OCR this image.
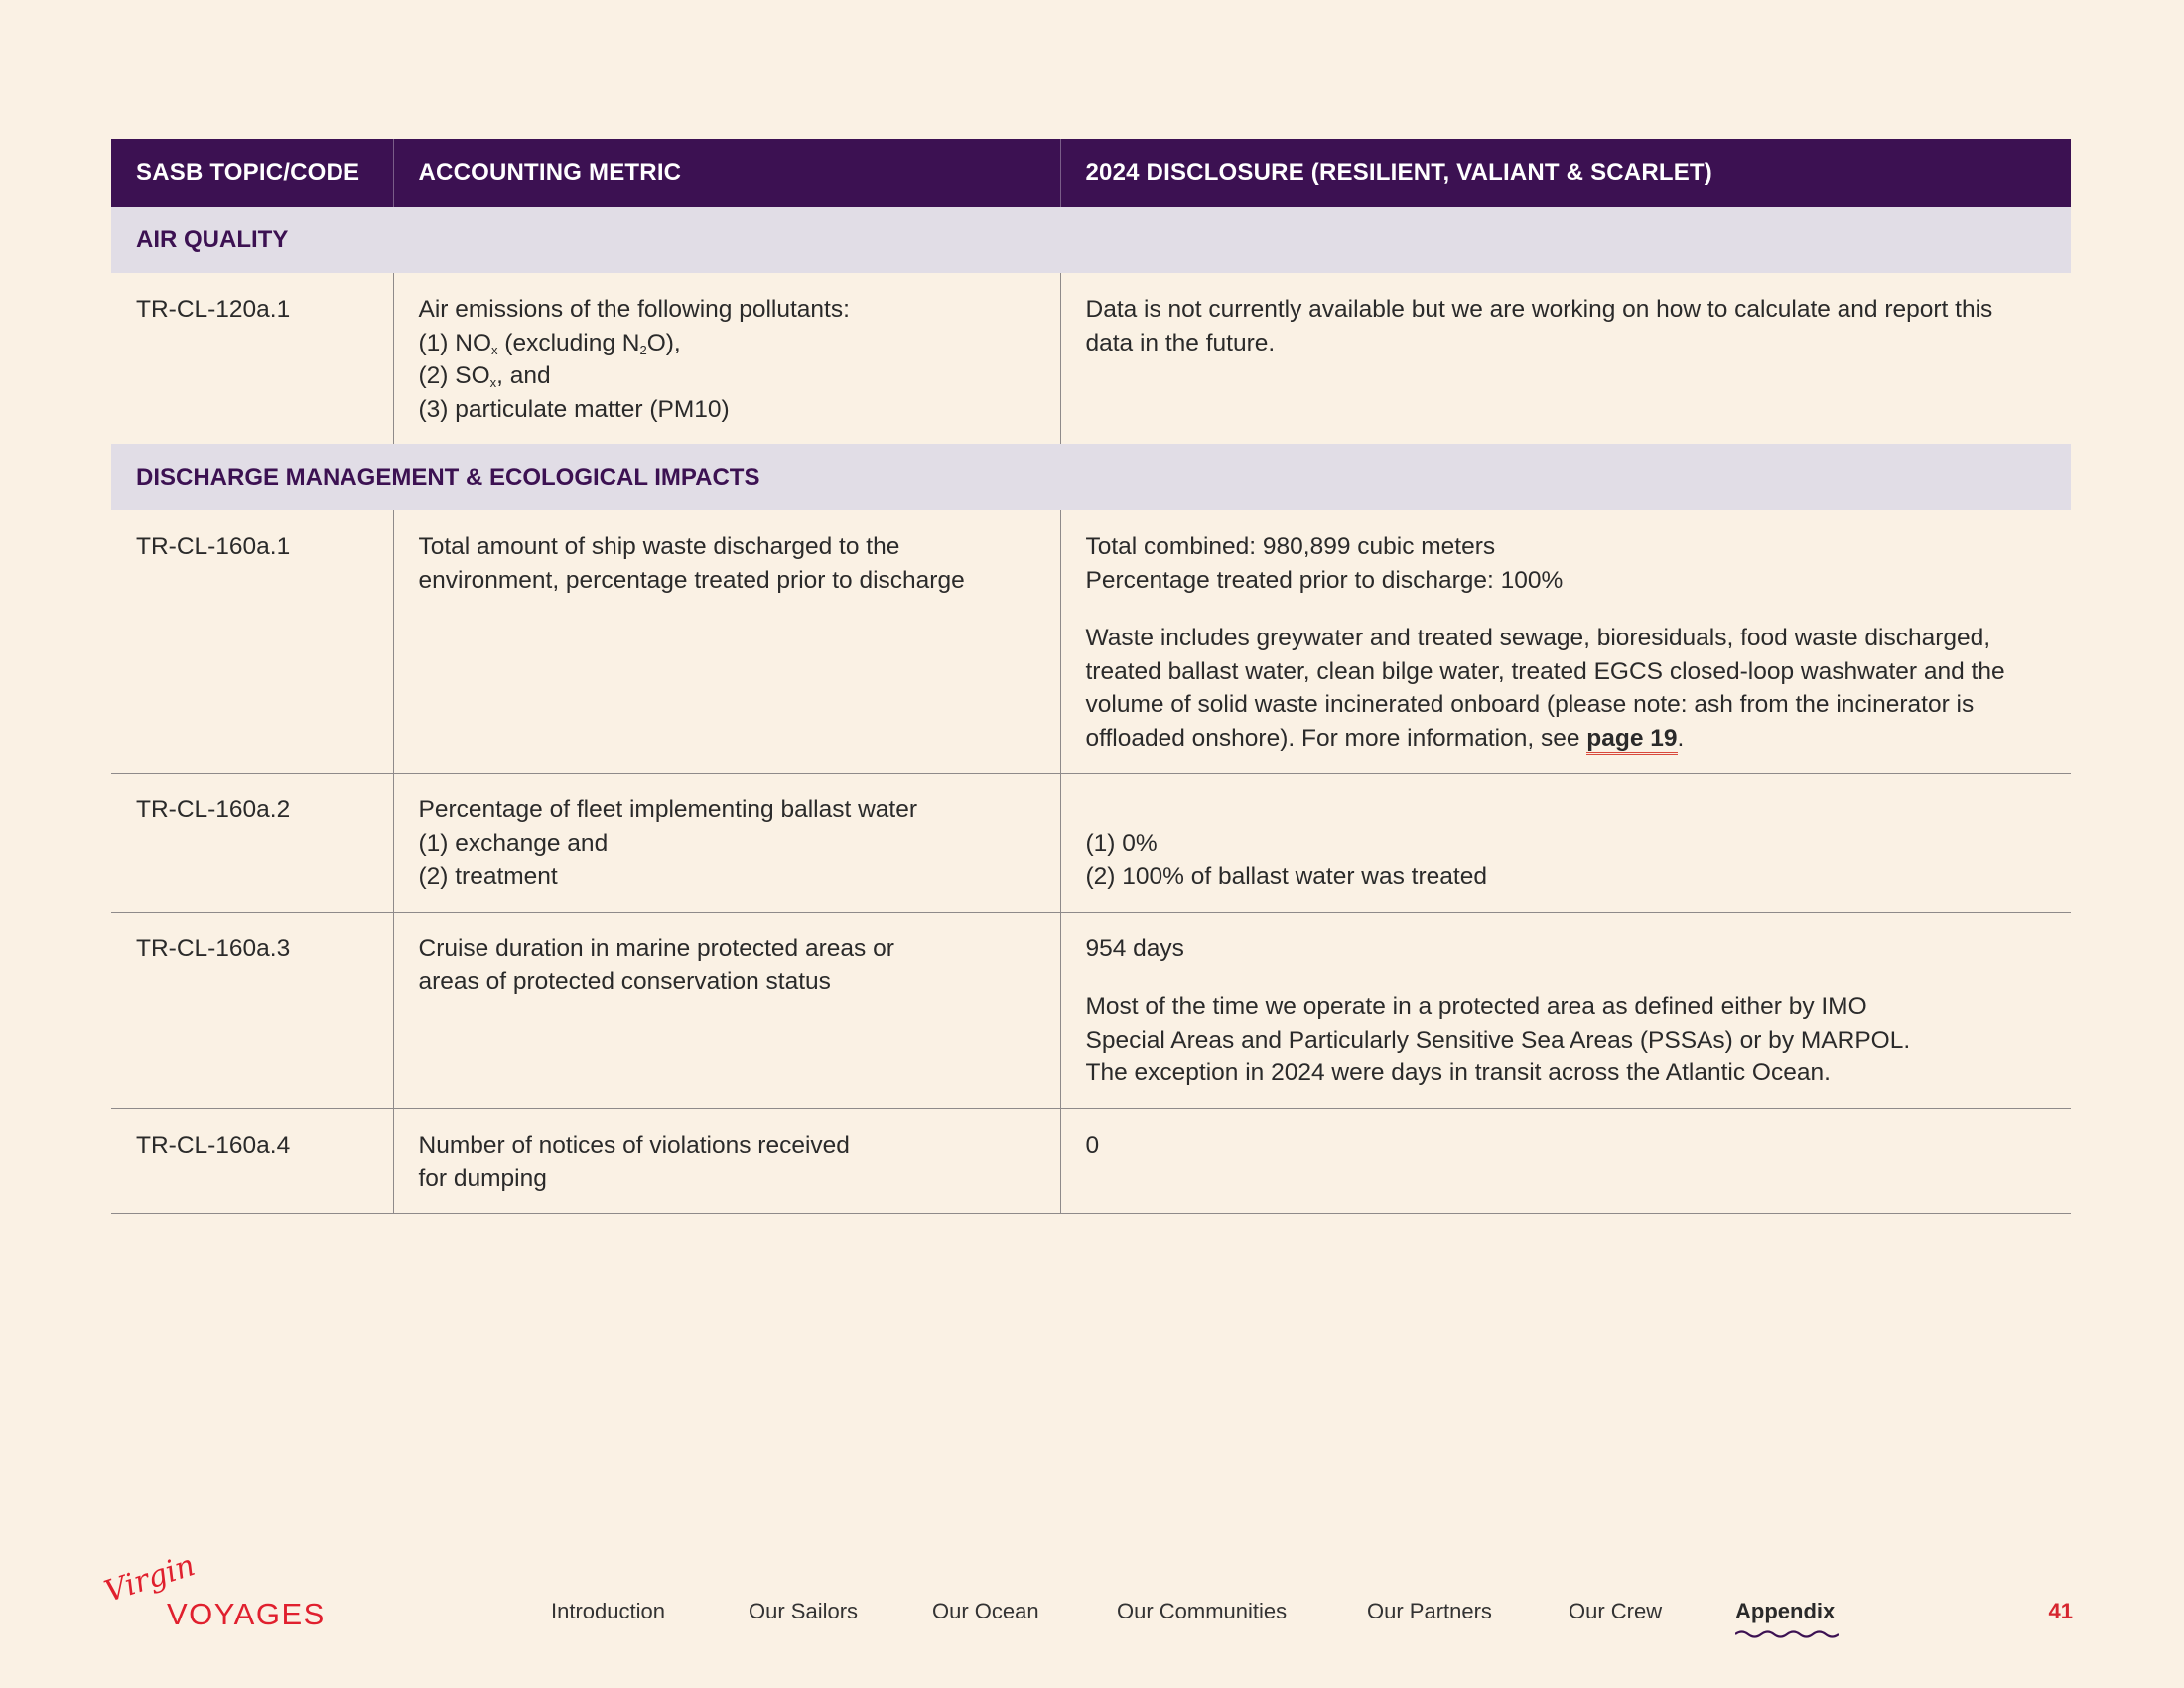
SASB TOPIC/CODE	ACCOUNTING METRIC	2024 DISCLOSURE (RESILIENT, VALIANT & SCARLET)
AIR QUALITY		
TR-CL-120a.1	Air emissions of the following pollutants:
(1) $NO_x$ (excluding $N_2O$),
(2) $SO_x$, and
(3) particulate matter (PM10)	Data is not currently available but we are working on how to calculate and report this data in the future.
DISCHARGE MANAGEMENT & ECOLOGICAL IMPACTS		
TR-CL-160a.1	Total amount of ship waste discharged to the environment, percentage treated prior to discharge	Total combined: 980,899 cubic meters
Percentage treated prior to discharge: 100%
Waste includes greywater and treated sewage, bioresiduals, food waste discharged, treated ballast water, clean bilge water, treated EGCS closed-loop washwater and the volume of solid waste incinerated onboard (please note: ash from the incinerator is offloaded onshore). For more information, see page 19.

TR-CL-160a.2	Percentage of fleet implementing ballast water
(1) exchange and
(2) treatment	(1) 0%
(2) 100% of ballast water was treated

TR-CL-160a.3	Cruise duration in marine protected areas or
areas of protected conservation status	954 days
Most of the time we operate in a protected area as defined either by IMO
Special Areas and Particularly Sensitive Sea Areas (PSSAs) or by MARPOL.
The exception in 2024 were days in transit across the Atlantic Ocean.

TR-CL-160a.4	Number of notices of violations received
for dumping	0
Virgin
VOYAGES	Introduction	Our Sailors	Our Ocean	Our Communities	Our Partners	Our Crew	Appendix	41
